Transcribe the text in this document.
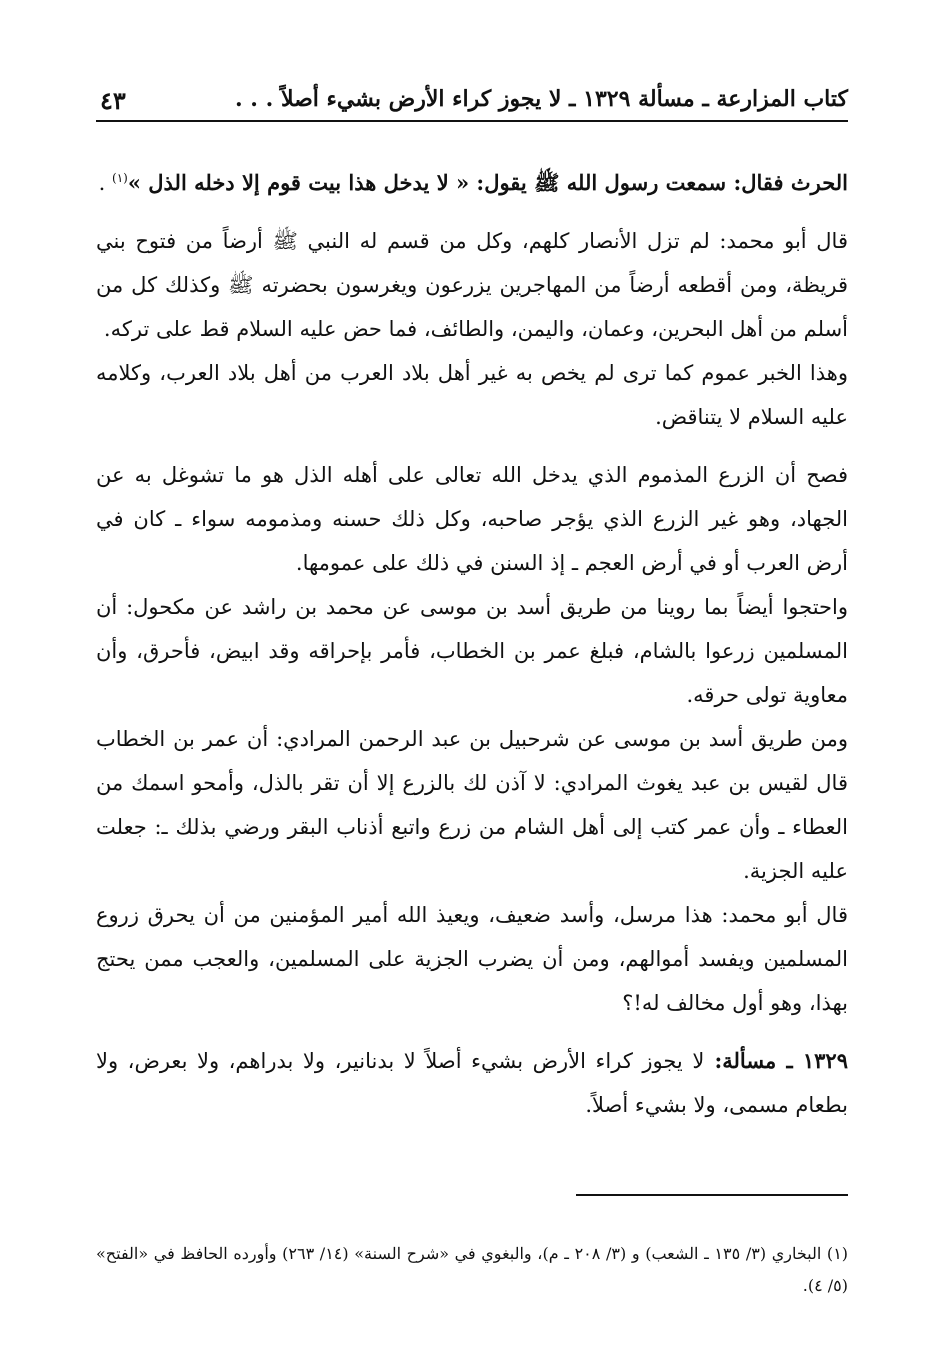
كتاب المزارعة ـ مسألة ١٣٢٩ ـ لا يجوز كراء الأرض بشيء أصلاً . . .
٤٣

الحرث فقال: سمعت رسول الله ﷺ يقول: « لا يدخل هذا بيت قوم إلا دخله الذل »$^{(١)}$ .

قال أبو محمد: لم تزل الأنصار كلهم، وكل من قسم له النبي ﷺ أرضاً من فتوح بني قريظة، ومن أقطعه أرضاً من المهاجرين يزرعون ويغرسون بحضرته ﷺ وكذلك كل من أسلم من أهل البحرين، وعمان، واليمن، والطائف، فما حض عليه السلام قط على تركه.

وهذا الخبر عموم كما ترى لم يخص به غير أهل بلاد العرب من أهل بلاد العرب، وكلامه عليه السلام لا يتناقض.

فصح أن الزرع المذموم الذي يدخل الله تعالى على أهله الذل هو ما تشوغل به عن الجهاد، وهو غير الزرع الذي يؤجر صاحبه، وكل ذلك حسنه ومذمومه سواء ـ كان في أرض العرب أو في أرض العجم ـ إذ السنن في ذلك على عمومها.

واحتجوا أيضاً بما روينا من طريق أسد بن موسى عن محمد بن راشد عن مكحول: أن المسلمين زرعوا بالشام، فبلغ عمر بن الخطاب، فأمر بإحراقه وقد ابيض، فأحرق، وأن معاوية تولى حرقه.

ومن طريق أسد بن موسى عن شرحبيل بن عبد الرحمن المرادي: أن عمر بن الخطاب قال لقيس بن عبد يغوث المرادي: لا آذن لك بالزرع إلا أن تقر بالذل، وأمحو اسمك من العطاء ـ وأن عمر كتب إلى أهل الشام من زرع واتبع أذناب البقر ورضي بذلك ـ: جعلت عليه الجزية.

قال أبو محمد: هذا مرسل، وأسد ضعيف، ويعيذ الله أمير المؤمنين من أن يحرق زروع المسلمين ويفسد أموالهم، ومن أن يضرب الجزية على المسلمين، والعجب ممن يحتج بهذا، وهو أول مخالف له!؟

١٣٢٩ ـ مسألة: لا يجوز كراء الأرض بشيء أصلاً لا بدنانير، ولا بدراهم، ولا بعرض، ولا بطعام مسمى، ولا بشيء أصلاً.

(١) البخاري (٣/ ١٣٥ ـ الشعب) و (٣/ ٢٠٨ ـ م)، والبغوي في «شرح السنة» (١٤/ ٢٦٣) وأورده الحافظ في «الفتح» (٥/ ٤).
